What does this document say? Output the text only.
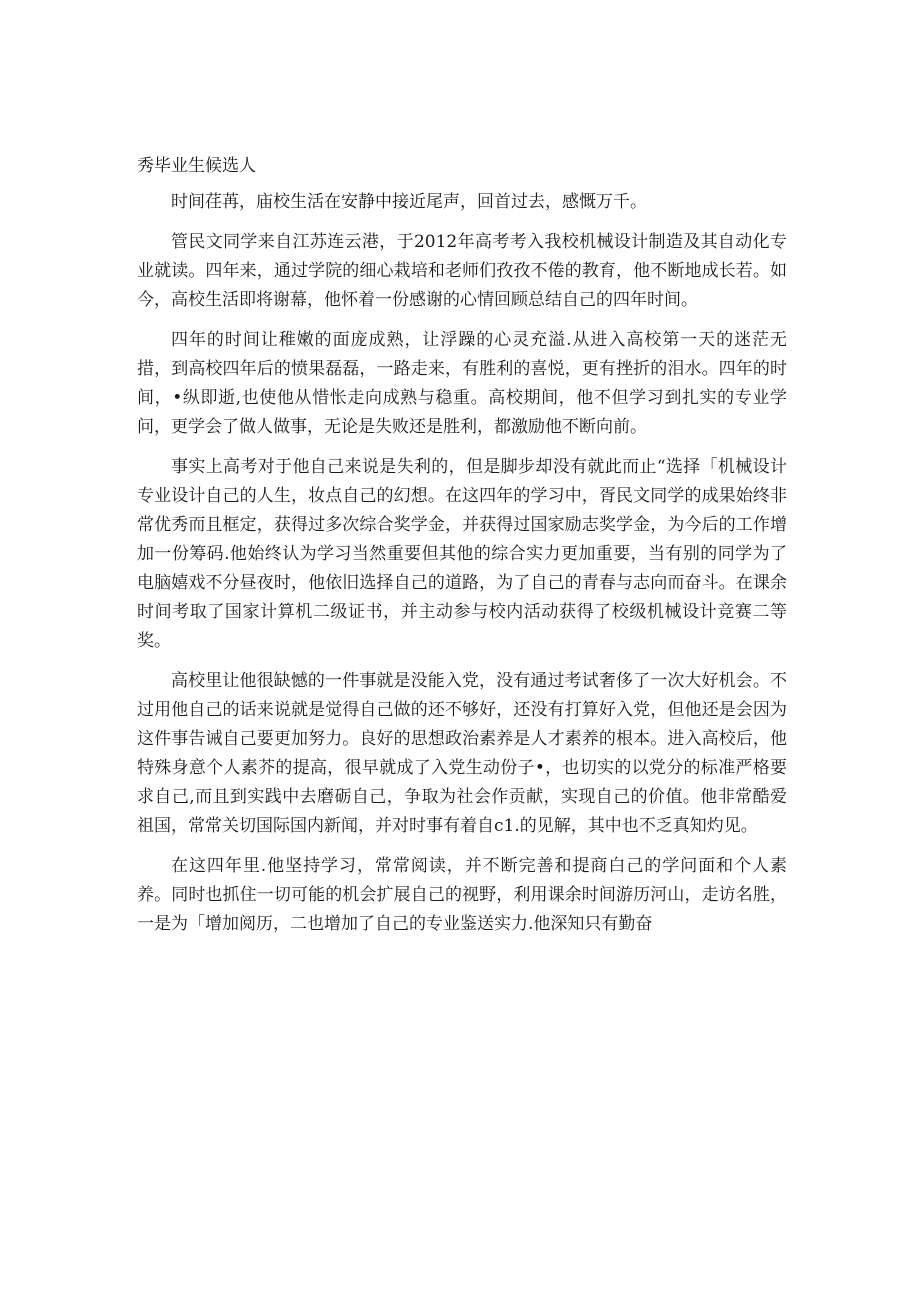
秀毕业生候选人

时间荏苒，庙校生活在安静中接近尾声，回首过去，感慨万千。

管民文同学来自江苏连云港，于2012年高考考入我校机械设计制造及其自动化专业就读。四年来，通过学院的细心栽培和老师们孜孜不倦的教育，他不断地成长若。如今，高校生活即将谢幕，他怀着一份感谢的心情回顾总结自己的四年时间。

四年的时间让稚嫩的面庞成熟，让浮躁的心灵充溢.从进入高校第一天的迷茫无措，到高校四年后的愤果磊磊，一路走来，有胜利的喜悦，更有挫折的泪水。四年的时间，•纵即逝,也使他从惜怅走向成熟与稳重。高校期间，他不但学习到扎实的专业学问，更学会了做人做事，无论是失败还是胜利，都激励他不断向前。

事实上高考对于他自己来说是失利的，但是脚步却没有就此而止“选择「机械设计专业设计自己的人生，妆点自己的幻想。在这四年的学习中，胥民文同学的成果始终非常优秀而且框定，获得过多次综合奖学金，并获得过国家励志奖学金，为今后的工作增加一份筹码.他始终认为学习当然重要但其他的综合实力更加重要，当有别的同学为了电脑嬉戏不分昼夜时，他依旧选择自己的道路，为了自己的青春与志向而奋斗。在课余时间考取了国家计算机二级证书，并主动参与校内活动获得了校级机械设计竞赛二等奖。

高校里让他很缺憾的一件事就是没能入党，没有通过考试奢侈了一次大好机会。不过用他自己的话来说就是觉得自己做的还不够好，还没有打算好入党，但他还是会因为这件事告诫自己要更加努力。良好的思想政治素养是人才素养的根本。进入高校后，他特殊身意个人素芥的提高，很早就成了入党生动份子•，也切实的以党分的标准严格要求自己,而且到实践中去磨砺自己，争取为社会作贡献，实现自己的价值。他非常酷爱祖国，常常关切国际国内新闻，并对时事有着自c1.的见解，其中也不乏真知灼见。

在这四年里.他坚持学习，常常阅读，并不断完善和提商白己的学问面和个人素养。同时也抓住一切可能的机会扩展自己的视野，利用课余时间游历河山，走访名胜，一是为「增加阅历，二也增加了自己的专业鉴送实力.他深知只有勤奋
